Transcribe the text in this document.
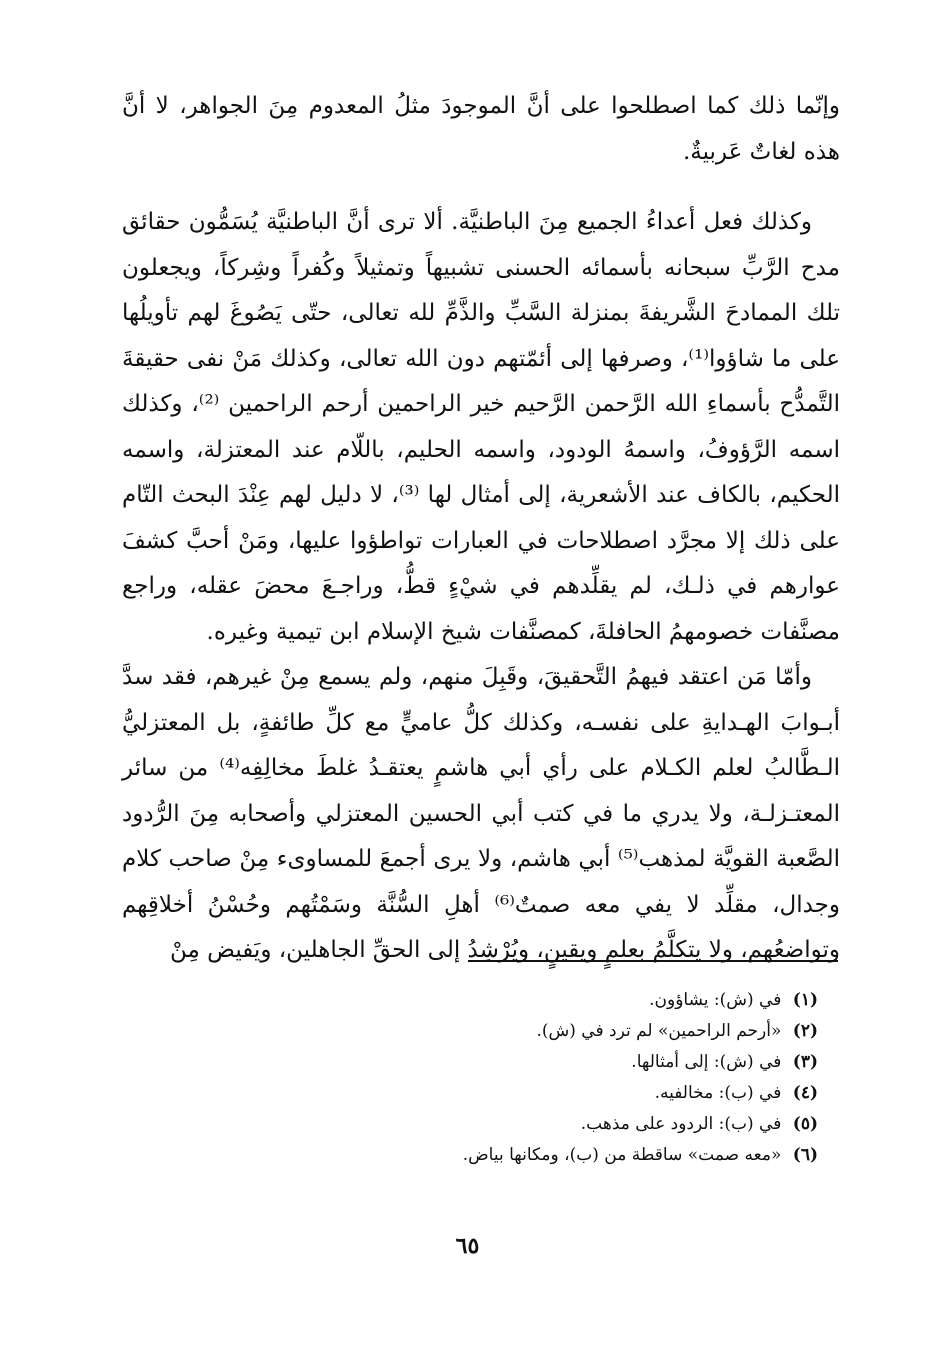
وإنّما ذلك كما اصطلحوا على أنَّ الموجودَ مثلُ المعدوم مِنَ الجواهر، لا أنَّ هذه لغاتٌ عَربيةٌ.

وكذلك فعل أعداءُ الجميع مِنَ الباطنيَّة. ألا ترى أنَّ الباطنيَّة يُسَمُّون حقائق مدح الرَّبِّ سبحانه بأسمائه الحسنى تشبيهاً وتمثيلاً وكُفراً وشِركاً، ويجعلون تلك الممادحَ الشَّريفةَ بمنزلة السَّبِّ والذَّمِّ لله تعالى، حتّى يَصُوغَ لهم تأويلُها على ما شاؤوا⁽¹⁾، وصرفها إلى أئمّتهم دون الله تعالى، وكذلك مَنْ نفى حقيقةَ التَّمدُّح بأسماءِ الله الرَّحمن الرَّحيم خير الراحمين أرحم الراحمين ⁽²⁾، وكذلك اسمه الرَّؤوفُ، واسمهُ الودود، واسمه الحليم، باللّام عند المعتزلة، واسمه الحكيم، بالكاف عند الأشعرية، إلى أمثال لها ⁽³⁾، لا دليل لهم عِنْدَ البحث التّام على ذلك إلا مجرَّد اصطلاحات في العبارات تواطؤوا عليها، ومَنْ أحبَّ كشفَ عوارهم في ذلـك، لم يقلِّدهم في شيْءٍ قطُّ، وراجـعَ محضَ عقله، وراجع مصنَّفات خصومهمُ الحافلةَ، كمصنَّفات شيخ الإسلام ابن تيمية وغيره.

وأمّا مَن اعتقد فيهمُ التَّحقيقَ، وقَبِلَ منهم، ولم يسمع مِنْ غيرهم، فقد سدَّ أبـوابَ الهـدايةِ على نفسـه، وكذلك كلُّ عاميٍّ مع كلِّ طائفةٍ، بل المعتزليُّ الـطَّالبُ لعلم الكـلام على رأي أبي هاشمٍ يعتقـدُ غلطَ مخالِفِه⁽⁴⁾ من سائر المعتـزلـة، ولا يدري ما في كتب أبي الحسين المعتزلي وأصحابه مِنَ الرُّدود الصَّعبة القويَّة لمذهب⁽⁵⁾ أبي هاشم، ولا يرى أجمعَ للمساوىء مِنْ صاحب كلام وجدال، مقلِّد لا يفي معه صمتٌ⁽⁶⁾ أهلِ السُّنَّة وسَمْتُهم وحُسْنُ أخلاقِهم وتواضعُهم، ولا يتكلَّمُ بعلمٍ ويقينٍ، ويُرْشِدُ إلى الحقِّ الجاهلين، ويَفيض مِنْ

(١) في (ش): يشاؤون.
(٢) «أرحم الراحمين» لم ترد في (ش).
(٣) في (ش): إلى أمثالها.
(٤) في (ب): مخالفيه.
(٥) في (ب): الردود على مذهب.
(٦) «معه صمت» ساقطة من (ب)، ومكانها بياض.
٦٥
